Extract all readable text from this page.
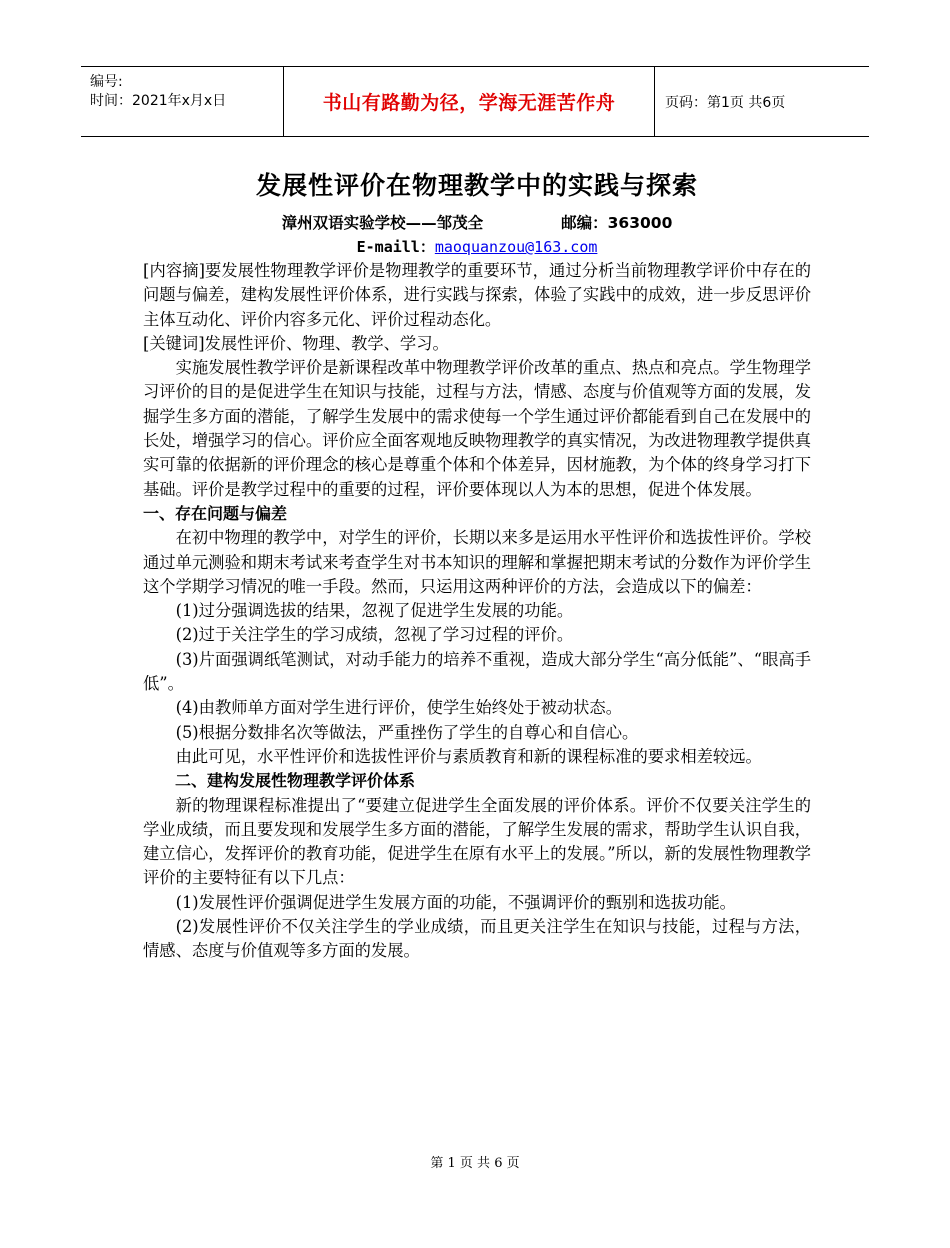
编号:
时间：2021年x月x日	书山有路勤为径，学海无涯苦作舟	页码：第1页 共6页
发展性评价在物理教学中的实践与探索
漳州双语实验学校——邹茂全	邮编：363000
E-maill：maoquanzou@163.com

[内容摘]要发展性物理教学评价是物理教学的重要环节，通过分析当前物理教学评价中存在的问题与偏差，建构发展性评价体系，进行实践与探索，体验了实践中的成效，进一步反思评价主体互动化、评价内容多元化、评价过程动态化。

[关键词]发展性评价、物理、教学、学习。

实施发展性教学评价是新课程改革中物理教学评价改革的重点、热点和亮点。学生物理学习评价的目的是促进学生在知识与技能，过程与方法，情感、态度与价值观等方面的发展，发掘学生多方面的潜能，了解学生发展中的需求使每一个学生通过评价都能看到自己在发展中的长处，增强学习的信心。评价应全面客观地反映物理教学的真实情况，为改进物理教学提供真实可靠的依据新的评价理念的核心是尊重个体和个体差异，因材施教，为个体的终身学习打下基础。评价是教学过程中的重要的过程，评价要体现以人为本的思想，促进个体发展。

一、存在问题与偏差

在初中物理的教学中，对学生的评价，长期以来多是运用水平性评价和选拔性评价。学校通过单元测验和期末考试来考查学生对书本知识的理解和掌握把期末考试的分数作为评价学生这个学期学习情况的唯一手段。然而，只运用这两种评价的方法，会造成以下的偏差：

(1)过分强调选拔的结果，忽视了促进学生发展的功能。

(2)过于关注学生的学习成绩，忽视了学习过程的评价。

(3)片面强调纸笔测试，对动手能力的培养不重视，造成大部分学生“高分低能”、“眼高手低”。

(4)由教师单方面对学生进行评价，使学生始终处于被动状态。

(5)根据分数排名次等做法，严重挫伤了学生的自尊心和自信心。

由此可见，水平性评价和选拔性评价与素质教育和新的课程标准的要求相差较远。

二、建构发展性物理教学评价体系

新的物理课程标准提出了“要建立促进学生全面发展的评价体系。评价不仅要关注学生的学业成绩，而且要发现和发展学生多方面的潜能，了解学生发展的需求，帮助学生认识自我，建立信心，发挥评价的教育功能，促进学生在原有水平上的发展。”所以，新的发展性物理教学评价的主要特征有以下几点：

(1)发展性评价强调促进学生发展方面的功能，不强调评价的甄别和选拔功能。

(2)发展性评价不仅关注学生的学业成绩，而且更关注学生在知识与技能，过程与方法，情感、态度与价值观等多方面的发展。

第 1 页 共 6 页
